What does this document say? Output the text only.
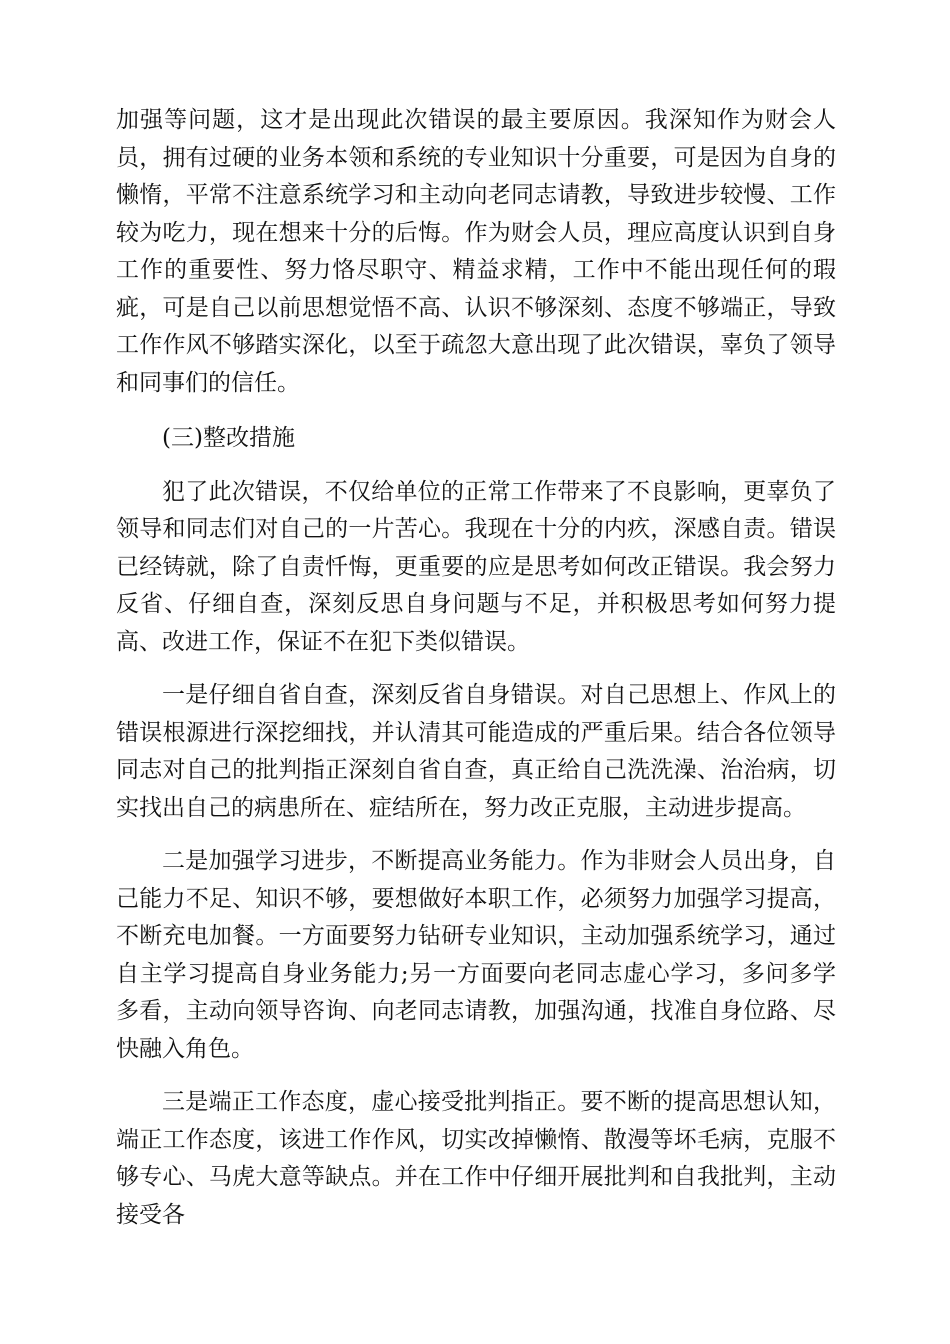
加强等问题，这才是出现此次错误的最主要原因。我深知作为财会人员，拥有过硬的业务本领和系统的专业知识十分重要，可是因为自身的懒惰，平常不注意系统学习和主动向老同志请教，导致进步较慢、工作较为吃力，现在想来十分的后悔。作为财会人员，理应高度认识到自身工作的重要性、努力恪尽职守、精益求精，工作中不能出现任何的瑕疵，可是自己以前思想觉悟不高、认识不够深刻、态度不够端正，导致工作作风不够踏实深化，以至于疏忽大意出现了此次错误，辜负了领导和同事们的信任。

(三)整改措施

犯了此次错误，不仅给单位的正常工作带来了不良影响，更辜负了领导和同志们对自己的一片苦心。我现在十分的内疚，深感自责。错误已经铸就，除了自责忏悔，更重要的应是思考如何改正错误。我会努力反省、仔细自查，深刻反思自身问题与不足，并积极思考如何努力提高、改进工作，保证不在犯下类似错误。

一是仔细自省自查，深刻反省自身错误。对自己思想上、作风上的错误根源进行深挖细找，并认清其可能造成的严重后果。结合各位领导同志对自己的批判指正深刻自省自查，真正给自己洗洗澡、治治病，切实找出自己的病患所在、症结所在，努力改正克服，主动进步提高。

二是加强学习进步，不断提高业务能力。作为非财会人员出身，自己能力不足、知识不够，要想做好本职工作，必须努力加强学习提高，不断充电加餐。一方面要努力钻研专业知识，主动加强系统学习，通过自主学习提高自身业务能力;另一方面要向老同志虚心学习，多问多学多看，主动向领导咨询、向老同志请教，加强沟通，找准自身位路、尽快融入角色。

三是端正工作态度，虚心接受批判指正。要不断的提高思想认知，端正工作态度，该进工作作风，切实改掉懒惰、散漫等坏毛病，克服不够专心、马虎大意等缺点。并在工作中仔细开展批判和自我批判，主动接受各
